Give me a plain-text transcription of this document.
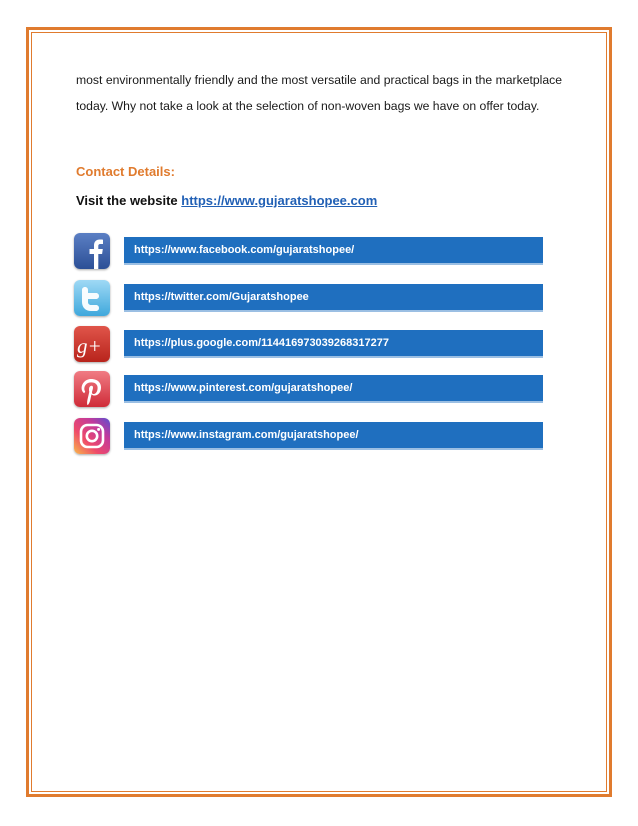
most environmentally friendly and the most versatile and practical bags in the marketplace

today. Why not take a look at the selection of non-woven bags we have on offer today.

Contact Details:

Visit the website https://www.gujaratshopee.com

https://www.facebook.com/gujaratshopee/
https://twitter.com/Gujaratshopee
g+	https://plus.google.com/114416973039268317277
https://www.pinterest.com/gujaratshopee/
https://www.instagram.com/gujaratshopee/
